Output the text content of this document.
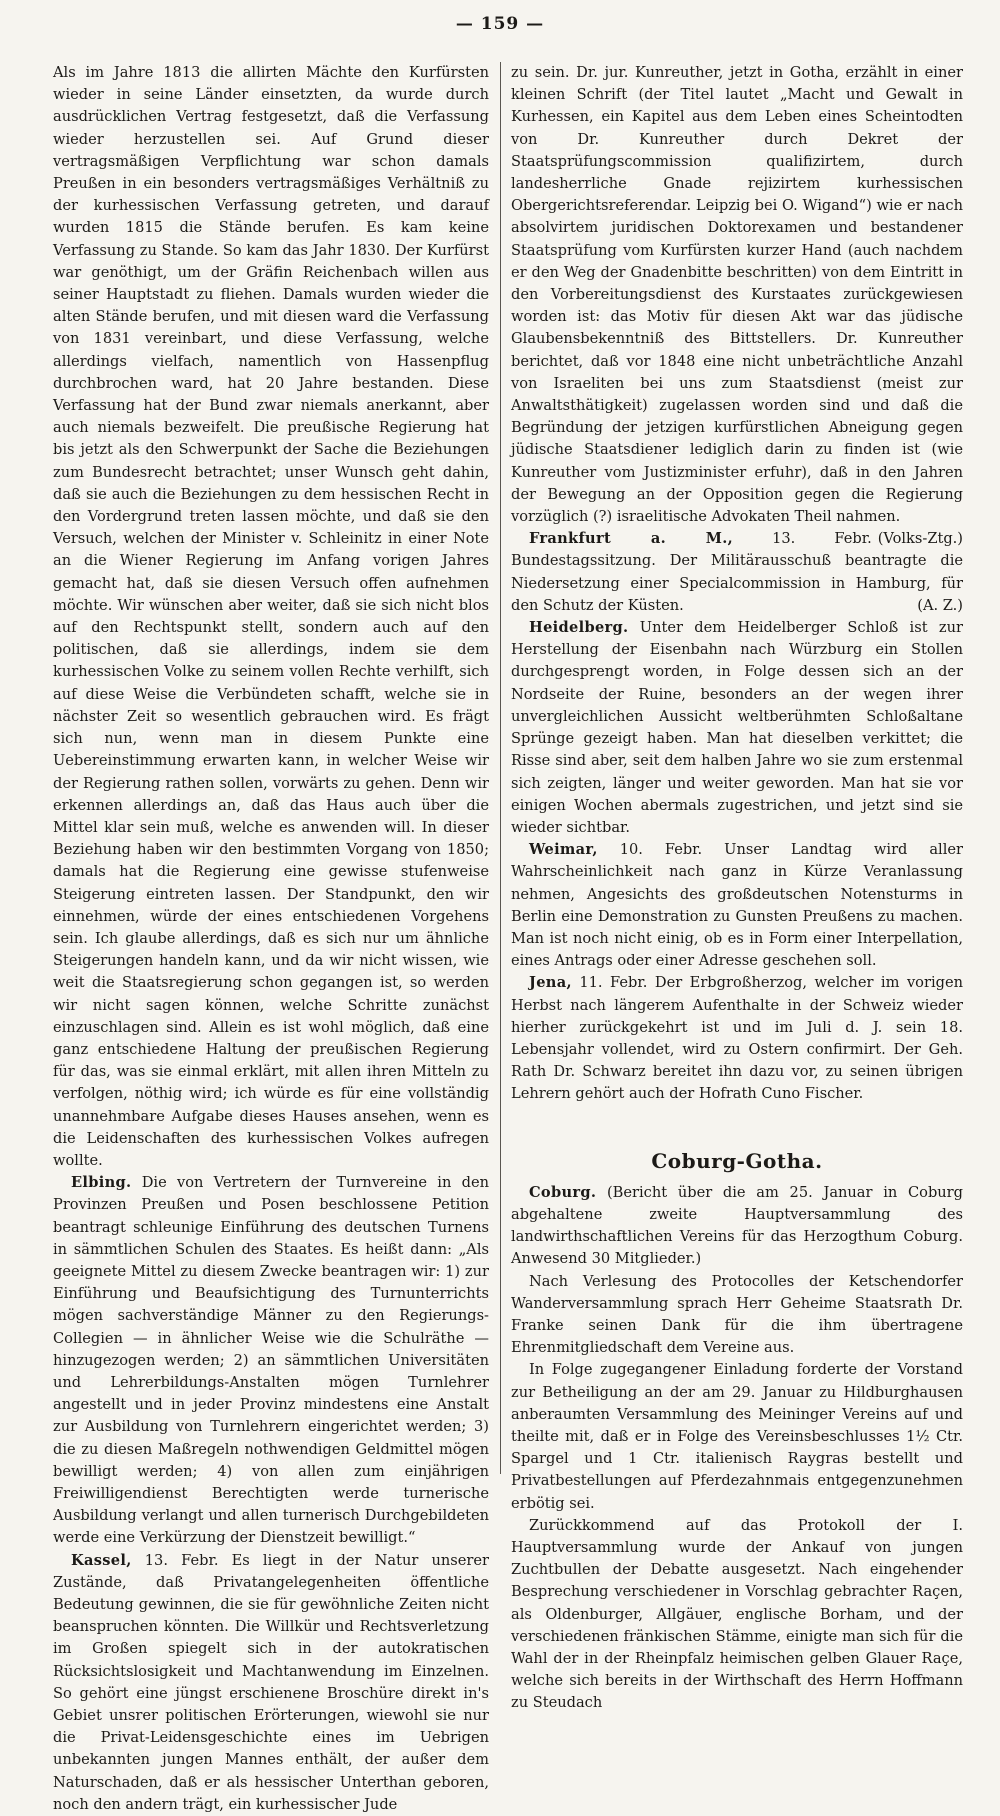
— 159 —

Als im Jahre 1813 die allirten Mächte den Kurfürsten wieder in seine Länder einsetzten, da wurde durch ausdrücklichen Vertrag festgesetzt, daß die Verfassung wieder herzustellen sei. Auf Grund dieser vertragsmäßigen Verpflichtung war schon damals Preußen in ein besonders vertragsmäßiges Verhältniß zu der kurhessischen Verfassung getreten, und darauf wurden 1815 die Stände berufen. Es kam keine Verfassung zu Stande. So kam das Jahr 1830. Der Kurfürst war genöthigt, um der Gräfin Reichenbach willen aus seiner Hauptstadt zu fliehen. Damals wurden wieder die alten Stände berufen, und mit diesen ward die Verfassung von 1831 vereinbart, und diese Verfassung, welche allerdings vielfach, namentlich von Hassenpflug durchbrochen ward, hat 20 Jahre bestanden. Diese Verfassung hat der Bund zwar niemals anerkannt, aber auch niemals bezweifelt. Die preußische Regierung hat bis jetzt als den Schwerpunkt der Sache die Beziehungen zum Bundesrecht betrachtet; unser Wunsch geht dahin, daß sie auch die Beziehungen zu dem hessischen Recht in den Vordergrund treten lassen möchte, und daß sie den Versuch, welchen der Minister v. Schleinitz in einer Note an die Wiener Regierung im Anfang vorigen Jahres gemacht hat, daß sie diesen Versuch offen aufnehmen möchte. Wir wünschen aber weiter, daß sie sich nicht blos auf den Rechtspunkt stellt, sondern auch auf den politischen, daß sie allerdings, indem sie dem kurhessischen Volke zu seinem vollen Rechte verhilft, sich auf diese Weise die Verbündeten schafft, welche sie in nächster Zeit so wesentlich gebrauchen wird. Es frägt sich nun, wenn man in diesem Punkte eine Uebereinstimmung erwarten kann, in welcher Weise wir der Regierung rathen sollen, vorwärts zu gehen. Denn wir erkennen allerdings an, daß das Haus auch über die Mittel klar sein muß, welche es anwenden will. In dieser Beziehung haben wir den bestimmten Vorgang von 1850; damals hat die Regierung eine gewisse stufenweise Steigerung eintreten lassen. Der Standpunkt, den wir einnehmen, würde der eines entschiedenen Vorgehens sein. Ich glaube allerdings, daß es sich nur um ähnliche Steigerungen handeln kann, und da wir nicht wissen, wie weit die Staatsregierung schon gegangen ist, so werden wir nicht sagen können, welche Schritte zunächst einzuschlagen sind. Allein es ist wohl möglich, daß eine ganz entschiedene Haltung der preußischen Regierung für das, was sie einmal erklärt, mit allen ihren Mitteln zu verfolgen, nöthig wird; ich würde es für eine vollständig unannehmbare Aufgabe dieses Hauses ansehen, wenn es die Leidenschaften des kurhessischen Volkes aufregen wollte.

Elbing. Die von Vertretern der Turnvereine in den Provinzen Preußen und Posen beschlossene Petition beantragt schleunige Einführung des deutschen Turnens in sämmtlichen Schulen des Staates. Es heißt dann: „Als geeignete Mittel zu diesem Zwecke beantragen wir: 1) zur Einführung und Beaufsichtigung des Turnunterrichts mögen sachverständige Männer zu den Regierungs-Collegien — in ähnlicher Weise wie die Schulräthe — hinzugezogen werden; 2) an sämmtlichen Universitäten und Lehrerbildungs-Anstalten mögen Turnlehrer angestellt und in jeder Provinz mindestens eine Anstalt zur Ausbildung von Turnlehrern eingerichtet werden; 3) die zu diesen Maßregeln nothwendigen Geldmittel mögen bewilligt werden; 4) von allen zum einjährigen Freiwilligendienst Berechtigten werde turnerische Ausbildung verlangt und allen turnerisch Durchgebildeten werde eine Verkürzung der Dienstzeit bewilligt.“

Kassel, 13. Febr. Es liegt in der Natur unserer Zustände, daß Privatangelegenheiten öffentliche Bedeutung gewinnen, die sie für gewöhnliche Zeiten nicht beanspruchen könnten. Die Willkür und Rechtsverletzung im Großen spiegelt sich in der autokratischen Rücksichtslosigkeit und Machtanwendung im Einzelnen. So gehört eine jüngst erschienene Broschüre direkt in's Gebiet unsrer politischen Erörterungen, wiewohl sie nur die Privat-Leidensgeschichte eines im Uebrigen unbekannten jungen Mannes enthält, der außer dem Naturschaden, daß er als hessischer Unterthan geboren, noch den andern trägt, ein kurhessischer Jude

zu sein. Dr. jur. Kunreuther, jetzt in Gotha, erzählt in einer kleinen Schrift (der Titel lautet „Macht und Gewalt in Kurhessen, ein Kapitel aus dem Leben eines Scheintodten von Dr. Kunreuther durch Dekret der Staatsprüfungscommission qualifizirtem, durch landesherrliche Gnade rejizirtem kurhessischen Obergerichtsreferendar. Leipzig bei O. Wigand“) wie er nach absolvirtem juridischen Doktorexamen und bestandener Staatsprüfung vom Kurfürsten kurzer Hand (auch nachdem er den Weg der Gnadenbitte beschritten) von dem Eintritt in den Vorbereitungsdienst des Kurstaates zurückgewiesen worden ist: das Motiv für diesen Akt war das jüdische Glaubensbekenntniß des Bittstellers. Dr. Kunreuther berichtet, daß vor 1848 eine nicht unbeträchtliche Anzahl von Israeliten bei uns zum Staatsdienst (meist zur Anwaltsthätigkeit) zugelassen worden sind und daß die Begründung der jetzigen kurfürstlichen Abneigung gegen jüdische Staatsdiener lediglich darin zu finden ist (wie Kunreuther vom Justizminister erfuhr), daß in den Jahren der Bewegung an der Opposition gegen die Regierung vorzüglich (?) israelitische Advokaten Theil nahmen.
(Volks-Ztg.)

Frankfurt a. M.,	13. Febr. Bundestagssitzung. Der Militärausschuß beantragte die Niedersetzung einer Specialcommission in Hamburg, für den Schutz der Küsten.	(A. Z.)

Heidelberg. Unter dem Heidelberger Schloß ist zur Herstellung der Eisenbahn nach Würzburg ein Stollen durchgesprengt worden, in Folge dessen sich an der Nordseite der Ruine, besonders an der wegen ihrer unvergleichlichen Aussicht weltberühmten Schloßaltane Sprünge gezeigt haben. Man hat dieselben verkittet; die Risse sind aber, seit dem halben Jahre wo sie zum erstenmal sich zeigten, länger und weiter geworden. Man hat sie vor einigen Wochen abermals zugestrichen, und jetzt sind sie wieder sichtbar.

Weimar, 10. Febr. Unser Landtag wird aller Wahrscheinlichkeit nach ganz in Kürze Veranlassung nehmen, Angesichts des großdeutschen Notensturms in Berlin eine Demonstration zu Gunsten Preußens zu machen. Man ist noch nicht einig, ob es in Form einer Interpellation, eines Antrags oder einer Adresse geschehen soll.

Jena, 11. Febr. Der Erbgroßherzog, welcher im vorigen Herbst nach längerem Aufenthalte in der Schweiz wieder hierher zurückgekehrt ist und im Juli d. J. sein 18. Lebensjahr vollendet, wird zu Ostern confirmirt. Der Geh. Rath Dr. Schwarz bereitet ihn dazu vor, zu seinen übrigen Lehrern gehört auch der Hofrath Cuno Fischer.

Coburg-Gotha.

Coburg. (Bericht über die am 25. Januar in Coburg abgehaltene zweite Hauptversammlung des landwirthschaftlichen Vereins für das Herzogthum Coburg. Anwesend 30 Mitglieder.)

Nach Verlesung des Protocolles der Ketschendorfer Wanderversammlung sprach Herr Geheime Staatsrath Dr. Franke seinen Dank für die ihm übertragene Ehrenmitgliedschaft dem Vereine aus.

In Folge zugegangener Einladung forderte der Vorstand zur Betheiligung an der am 29. Januar zu Hildburghausen anberaumten Versammlung des Meininger Vereins auf und theilte mit, daß er in Folge des Vereinsbeschlusses 1½ Ctr. Spargel und 1 Ctr. italienisch Raygras bestellt und Privatbestellungen auf Pferdezahnmais entgegenzunehmen erbötig sei.

Zurückkommend auf das Protokoll der I. Hauptversammlung wurde der Ankauf von jungen Zuchtbullen der Debatte ausgesetzt. Nach eingehender Besprechung verschiedener in Vorschlag gebrachter Raçen, als Oldenburger, Allgäuer, englische Borham, und der verschiedenen fränkischen Stämme, einigte man sich für die Wahl der in der Rheinpfalz heimischen gelben Glauer Raçe, welche sich bereits in der Wirthschaft des Herrn Hoffmann zu Steudach
